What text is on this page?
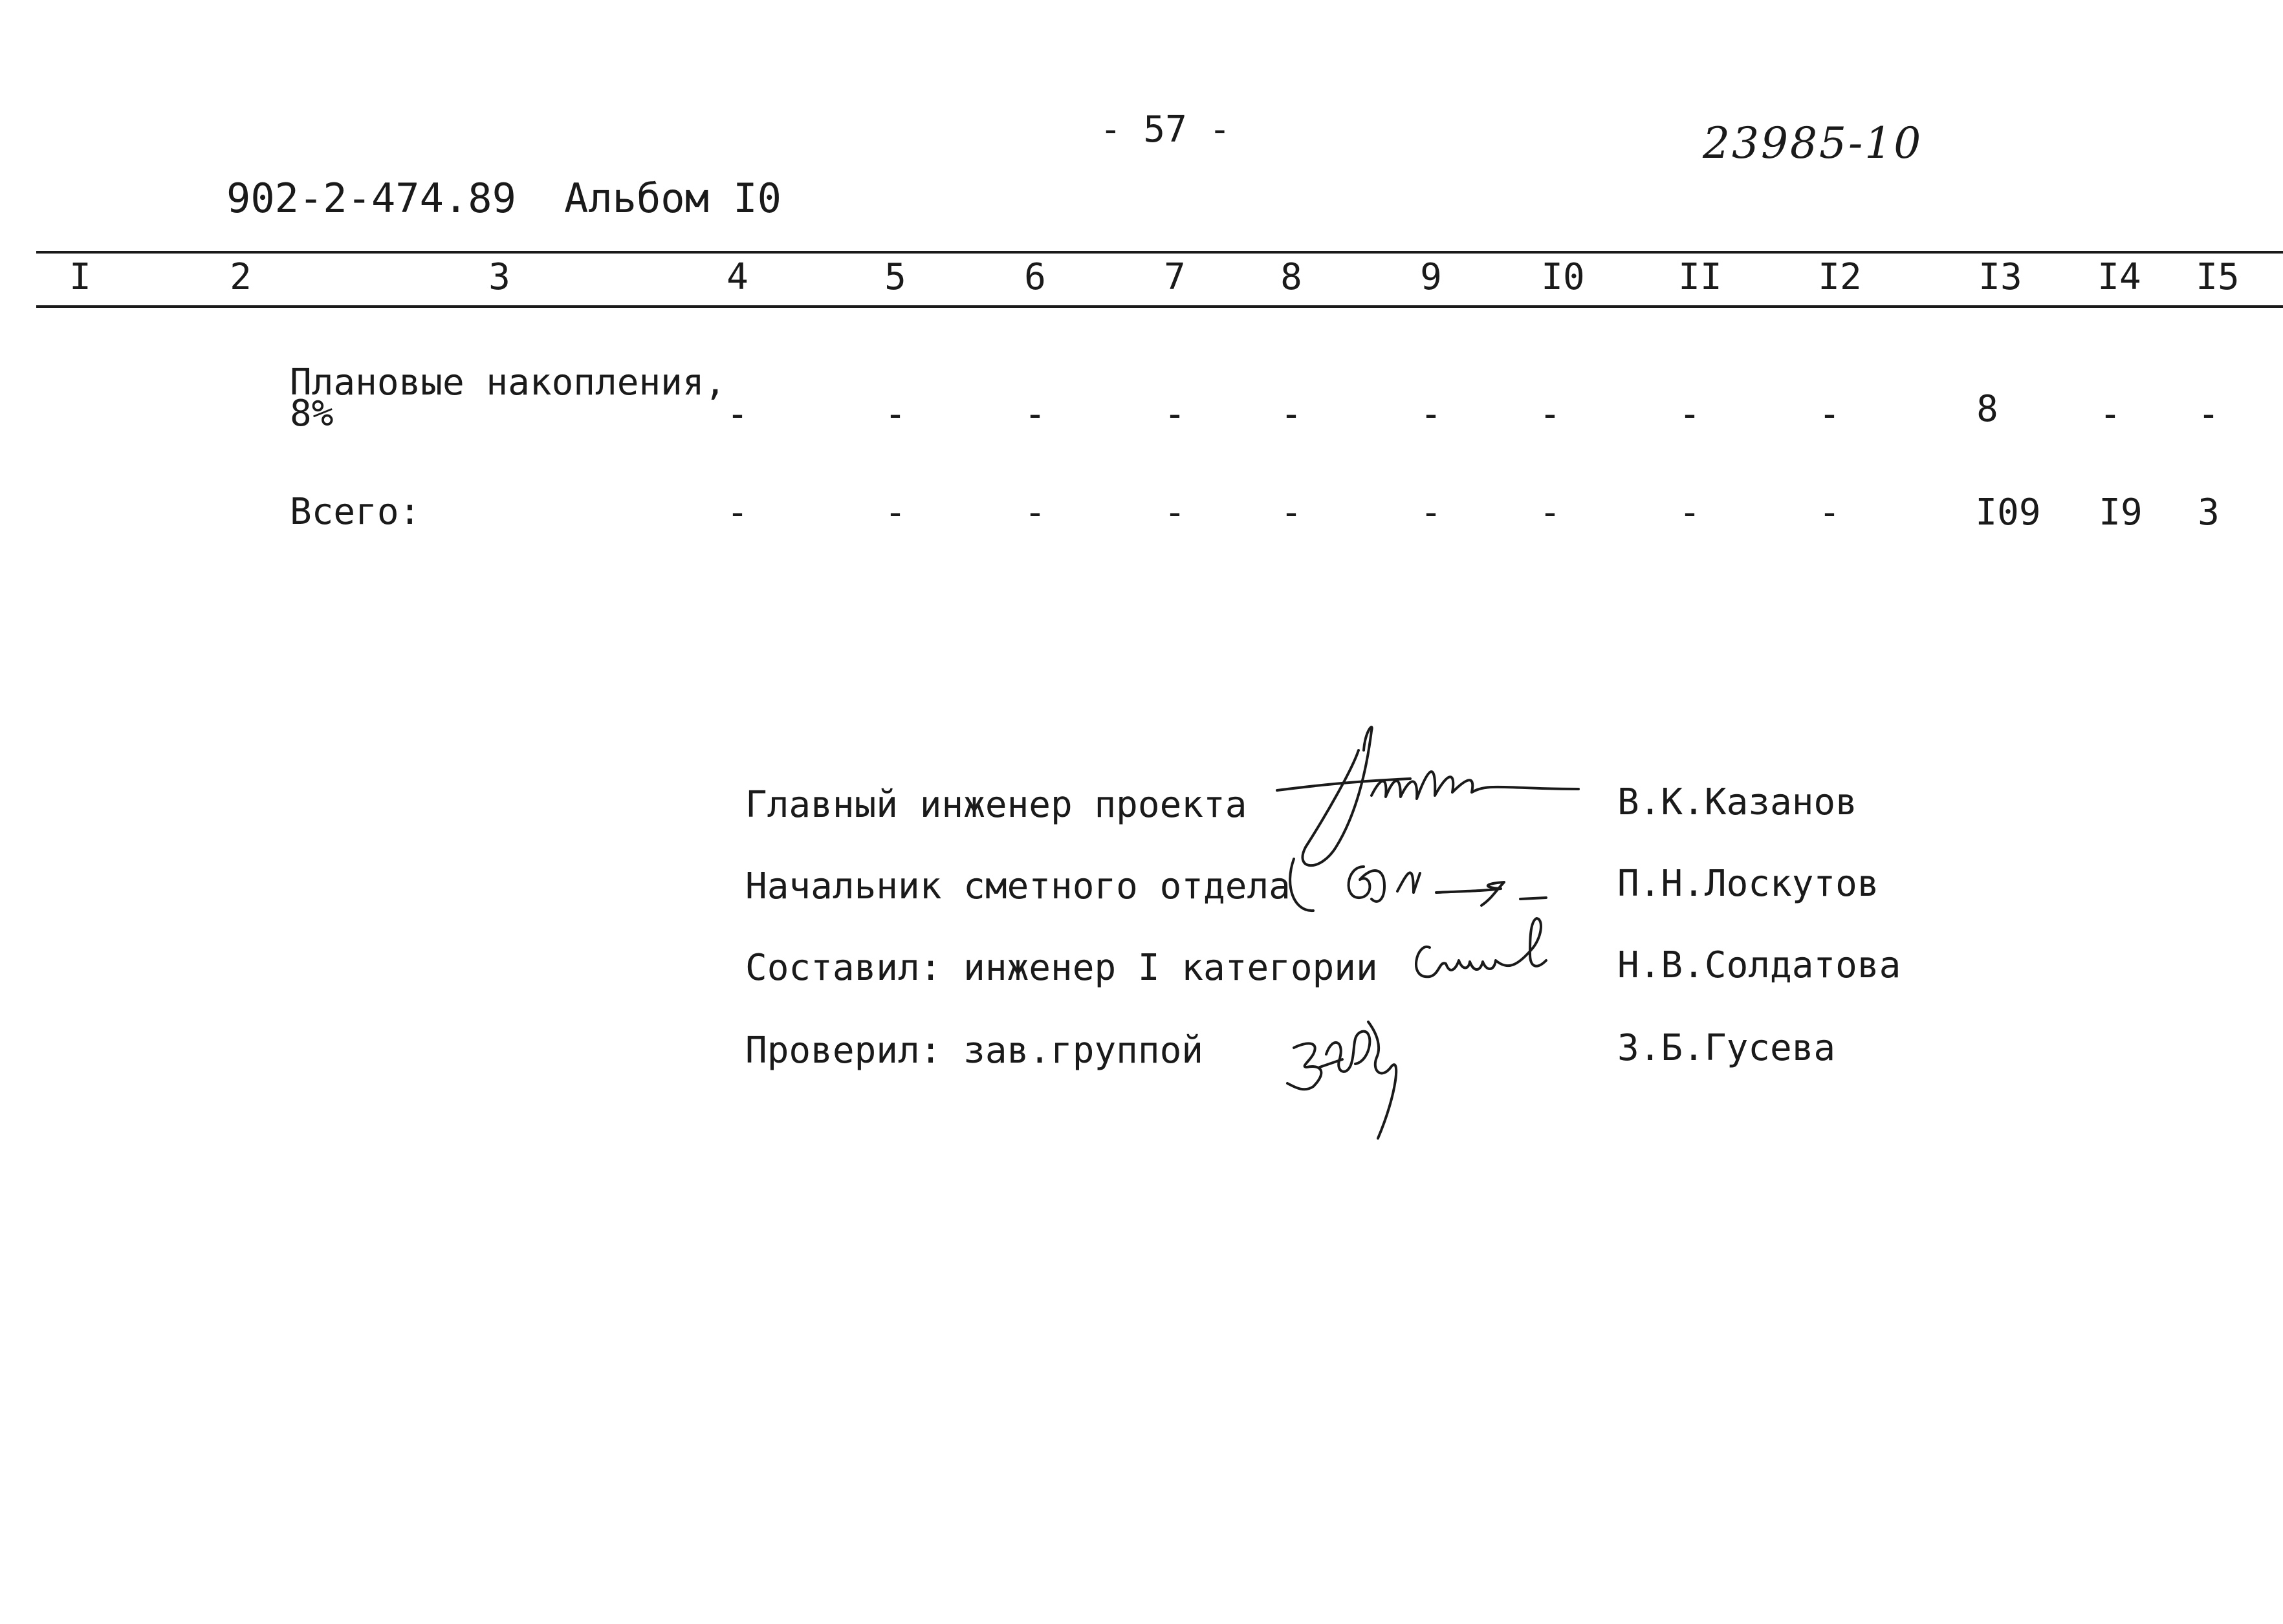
- 57 -	23985-10
902-2-474.89 Альбом I0
I	2	3	4	5	6	7	8	9	I0	II	I2	I3	I4	I5
Плановые накопления,
8%	-	-	-	-	-	-	-	-	-	8	-	-
Всего:	-	-	-	-	-	-	-	-	-	I09	I9	3
Главный инженер проекта	В.К.Казанов
Начальник сметного отдела	П.Н.Лоскутов
Составил: инженер I категории	Н.В.Солдатова
Проверил: зав.группой	З.Б.Гусева
